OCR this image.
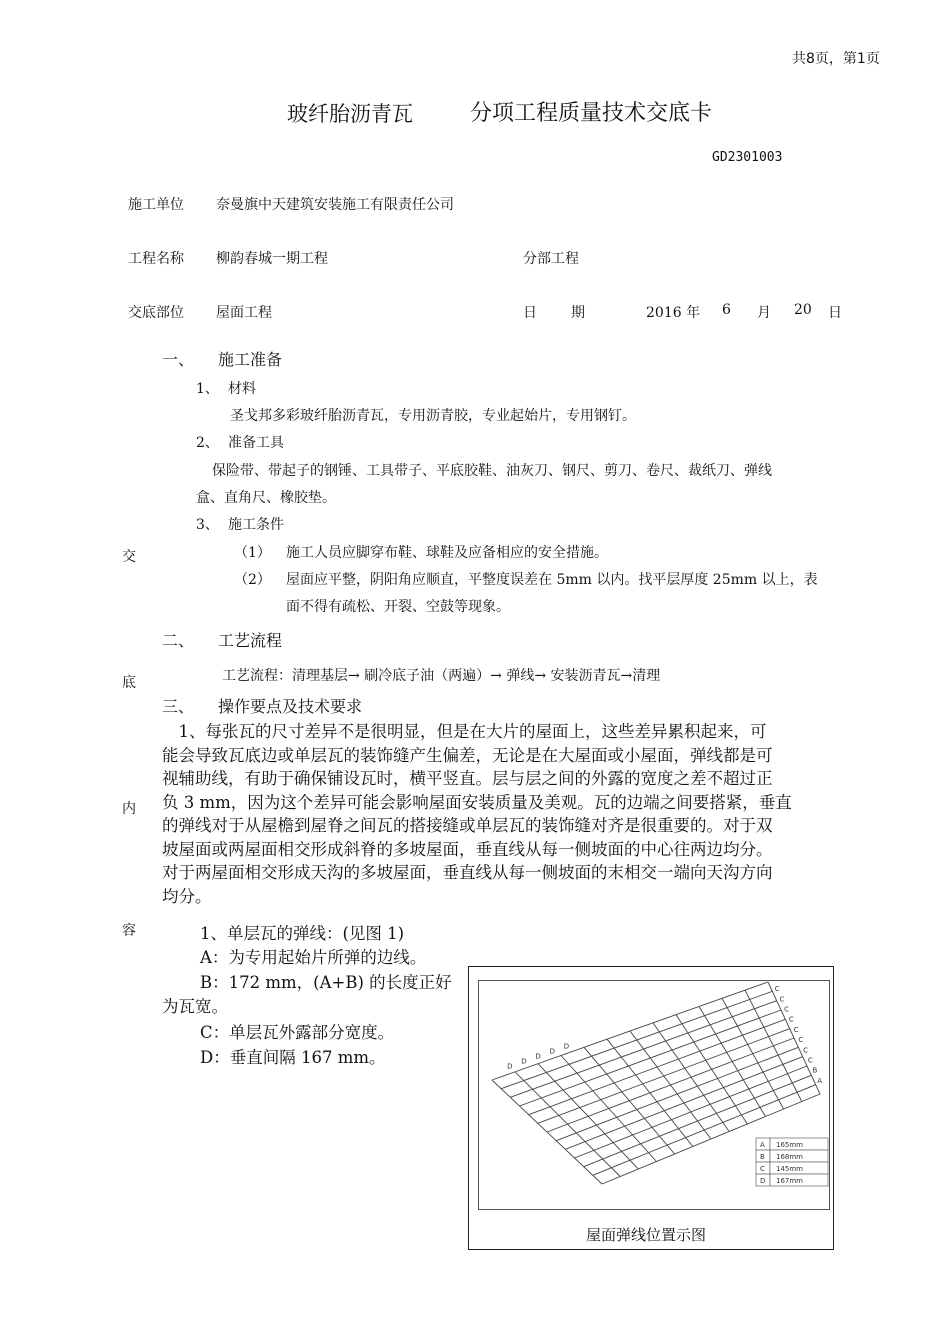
共8页，第1页
玻纤胎沥青瓦	分项工程质量技术交底卡
GD2301003
施工单位 奈曼旗中天建筑安装施工有限责任公司
工程名称 柳韵春城一期工程	分部工程
交底部位 屋面工程	日 期	2016 年 6 月 20 日
交
底
内
容
一、 施工准备
1、 材料
圣戈邦多彩玻纤胎沥青瓦，专用沥青胶，专业起始片，专用钢钉。
2、 准备工具
保险带、带起子的钢锤、工具带子、平底胶鞋、油灰刀、钢尺、剪刀、卷尺、裁纸刀、弹线
盒、直角尺、橡胶垫。
3、 施工条件
（1） 施工人员应脚穿布鞋、球鞋及应备相应的安全措施。
（2） 屋面应平整，阴阳角应顺直，平整度误差在 5mm 以内。找平层厚度 25mm 以上，表
面不得有疏松、开裂、空鼓等现象。
二、 工艺流程
工艺流程：清理基层→ 刷冷底子油（两遍）→ 弹线→ 安装沥青瓦→清理
三、 操作要点及技术要求
　1、每张瓦的尺寸差异不是很明显，但是在大片的屋面上，这些差异累积起来，可
能会导致瓦底边或单层瓦的装饰缝产生偏差，无论是在大屋面或小屋面，弹线都是可
视辅助线，有助于确保铺设瓦时，横平竖直。层与层之间的外露的宽度之差不超过正
负 3 mm，因为这个差异可能会影响屋面安装质量及美观。瓦的边端之间要搭紧，垂直
的弹线对于从屋檐到屋脊之间瓦的搭接缝或单层瓦的装饰缝对齐是很重要的。对于双
坡屋面或两屋面相交形成斜脊的多坡屋面，垂直线从每一侧坡面的中心往两边均分。
对于两屋面相交形成天沟的多坡屋面，垂直线从每一侧坡面的末相交一端向天沟方向
均分。
1、单层瓦的弹线：(见图 1)
A：为专用起始片所弹的边线。
B：172 mm，(A+B) 的长度正好
为瓦宽。
C：单层瓦外露部分宽度。
D：垂直间隔 167 mm。
C
C
C
C
C
C
C
C
B
A
D
D
D
D
D
A 165mm
B 168mm
C 145mm
D 167mm
屋面弹线位置示图
